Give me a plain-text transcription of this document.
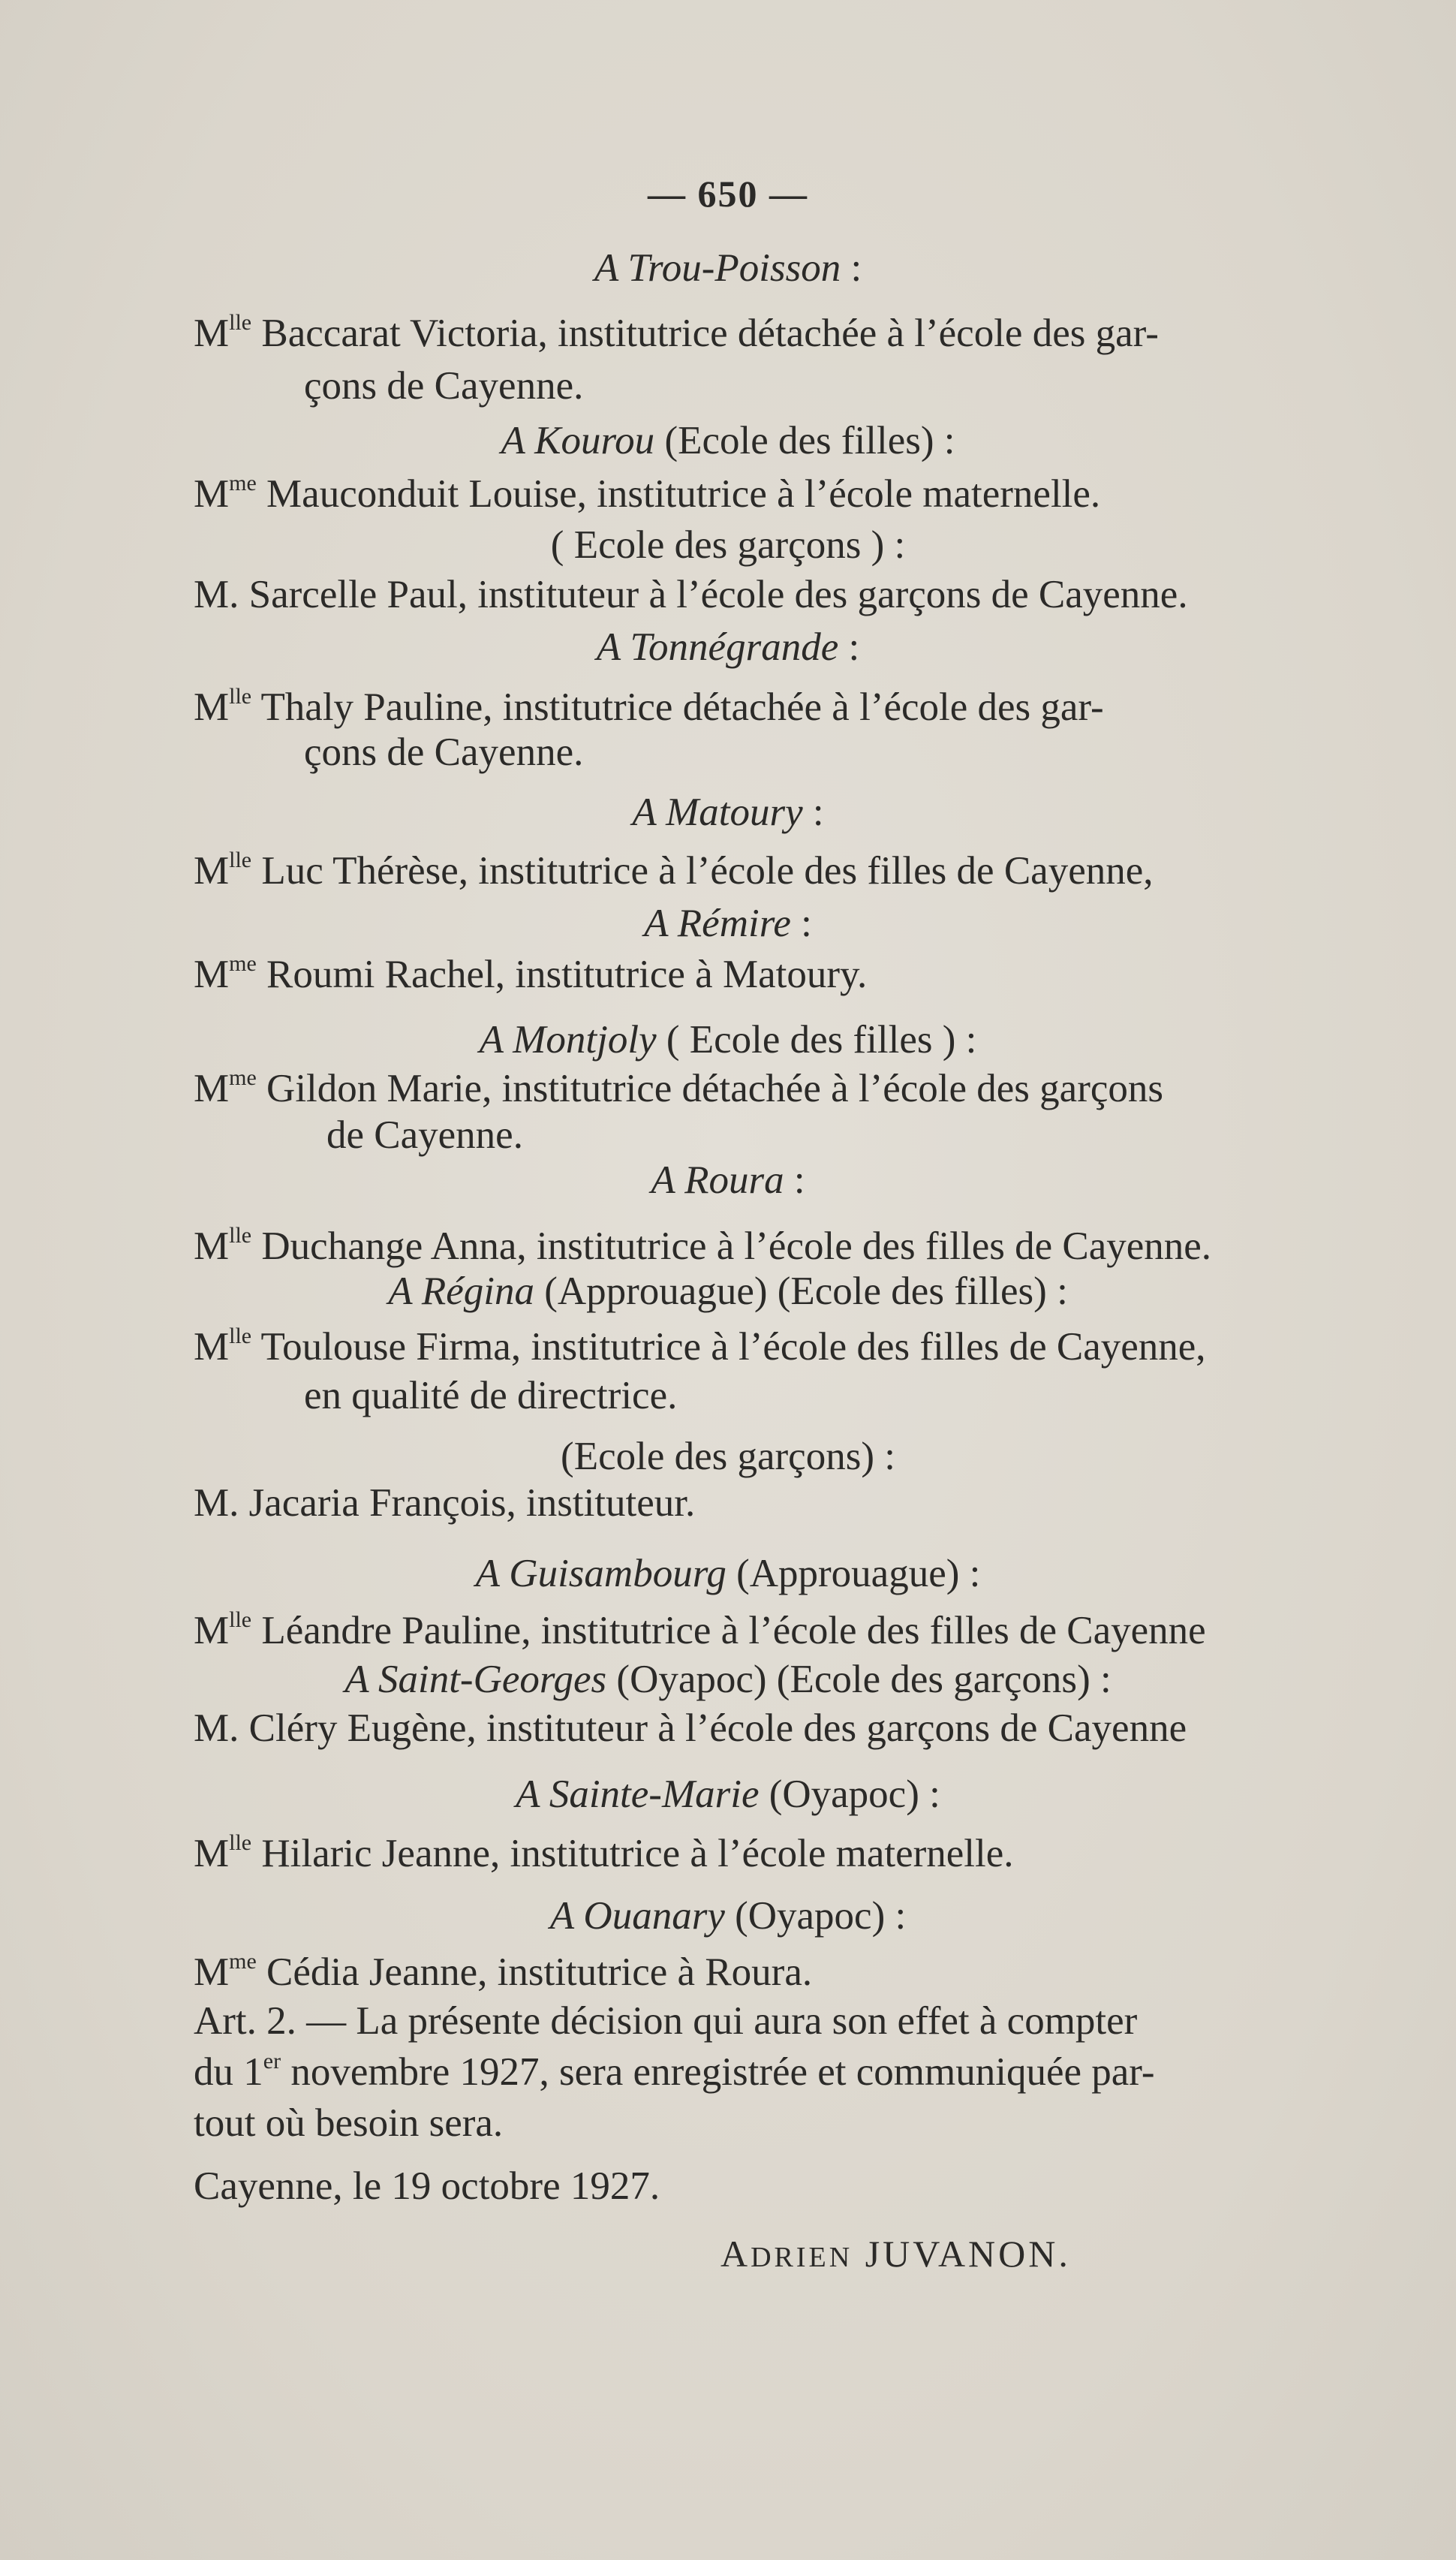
— 650 —
A Trou-Poisson :
$M^{lle}$ Baccarat Victoria, institutrice détachée à l’école des gar-
çons de Cayenne.
A Kourou (Ecole des filles) :
$M^{me}$ Mauconduit Louise, institutrice à l’école maternelle.
( Ecole des garçons ) :
M. Sarcelle Paul, instituteur à l’école des garçons de Cayenne.
A Tonnégrande :
$M^{lle}$ Thaly Pauline, institutrice détachée à l’école des gar-
çons de Cayenne.
A Matoury :
$M^{lle}$ Luc Thérèse, institutrice à l’école des filles de Cayenne,
A Rémire :
$M^{me}$ Roumi Rachel, institutrice à Matoury.
A Montjoly ( Ecole des filles ) :
$M^{me}$ Gildon Marie, institutrice détachée à l’école des garçons
de Cayenne.
A Roura :
$M^{lle}$ Duchange Anna, institutrice à l’école des filles de Cayenne.
A Régina (Approuague) (Ecole des filles) :
$M^{lle}$ Toulouse Firma, institutrice à l’école des filles de Cayenne,
en qualité de directrice.
(Ecole des garçons) :
M. Jacaria François, instituteur.
A Guisambourg (Approuague) :
$M^{lle}$ Léandre Pauline, institutrice à l’école des filles de Cayenne
A Saint-Georges (Oyapoc) (Ecole des garçons) :
M. Cléry Eugène, instituteur à l’école des garçons de Cayenne
A Sainte-Marie (Oyapoc) :
$M^{lle}$ Hilaric Jeanne, institutrice à l’école maternelle.
A Ouanary (Oyapoc) :
$M^{me}$ Cédia Jeanne, institutrice à Roura.
Art. 2. — La présente décision qui aura son effet à compter
du 1er novembre 1927, sera enregistrée et communiquée par-
tout où besoin sera.
Cayenne, le 19 octobre 1927.
ADRIEN JUVANON.
